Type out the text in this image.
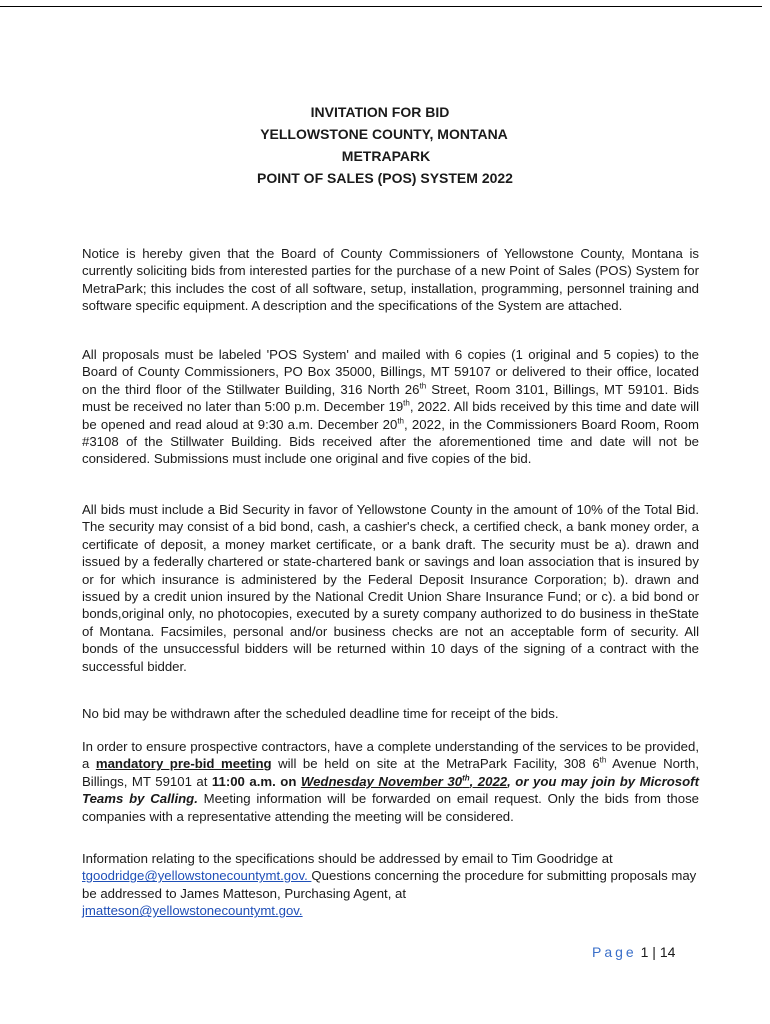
INVITATION FOR BID
YELLOWSTONE COUNTY, MONTANA
METRAPARK
POINT OF SALES (POS) SYSTEM 2022

Notice is hereby given that the Board of County Commissioners of Yellowstone County, Montana is currently soliciting bids from interested parties for the purchase of a new Point of Sales (POS) System for MetraPark; this includes the cost of all software, setup, installation, programming, personnel training and software specific equipment. A description and the specifications of the System are attached.

All proposals must be labeled 'POS System' and mailed with 6 copies (1 original and 5 copies) to the Board of County Commissioners, PO Box 35000, Billings, MT 59107 or delivered to their office, located on the third floor of the Stillwater Building, 316 North 26th Street, Room 3101, Billings, MT 59101. Bids must be received no later than 5:00 p.m. December 19th, 2022. All bids received by this time and date will be opened and read aloud at 9:30 a.m. December 20th, 2022, in the Commissioners Board Room, Room #3108 of the Stillwater Building. Bids received after the aforementioned time and date will not be considered. Submissions must include one original and five copies of the bid.

All bids must include a Bid Security in favor of Yellowstone County in the amount of 10% of the Total Bid. The security may consist of a bid bond, cash, a cashier's check, a certified check, a bank money order, a certificate of deposit, a money market certificate, or a bank draft. The security must be a). drawn and issued by a federally chartered or state-chartered bank or savings and loan association that is insured by or for which insurance is administered by the Federal Deposit Insurance Corporation; b). drawn and issued by a credit union insured by the National Credit Union Share Insurance Fund; or c). a bid bond or bonds,original only, no photocopies, executed by a surety company authorized to do business in theState of Montana. Facsimiles, personal and/or business checks are not an acceptable form of security. All bonds of the unsuccessful bidders will be returned within 10 days of the signing of a contract with the successful bidder.

No bid may be withdrawn after the scheduled deadline time for receipt of the bids.

In order to ensure prospective contractors, have a complete understanding of the services to be provided, a mandatory pre-bid meeting will be held on site at the MetraPark Facility, 308 6th Avenue North, Billings, MT 59101 at 11:00 a.m. on Wednesday November 30th, 2022, or you may join by Microsoft Teams by Calling. Meeting information will be forwarded on email request. Only the bids from those companies with a representative attending the meeting will be considered.

Information relating to the specifications should be addressed by email to Tim Goodridge at
tgoodridge@yellowstonecountymt.gov. Questions concerning the procedure for submitting proposals may be addressed to James Matteson, Purchasing Agent, at
jmatteson@yellowstonecountymt.gov.

Page 1 | 14
